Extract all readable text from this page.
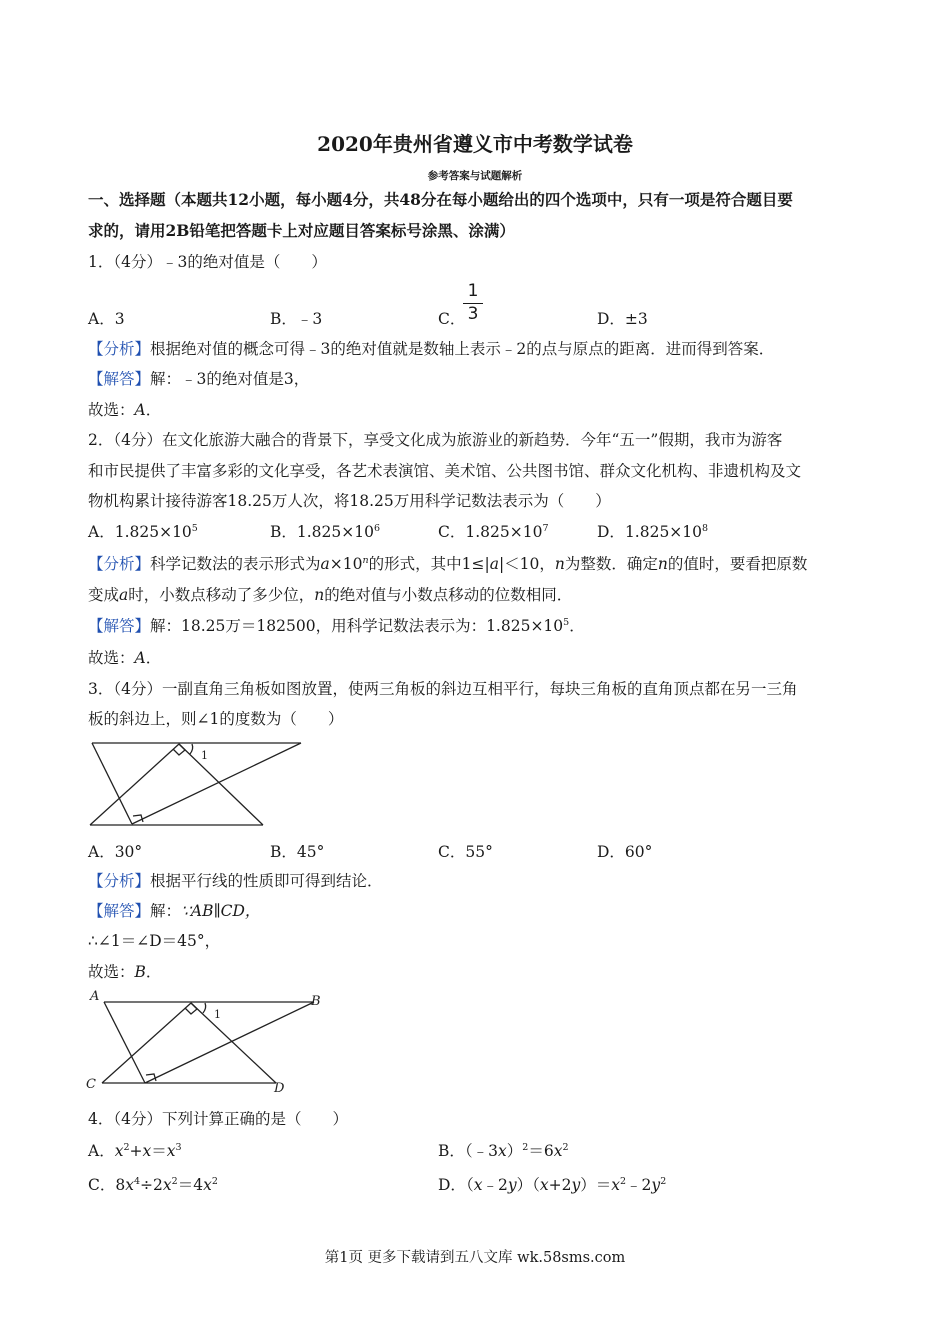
2020年贵州省遵义市中考数学试卷
参考答案与试题解析
一、选择题（本题共12小题，每小题4分，共48分在每小题给出的四个选项中，只有一项是符合题目要
求的，请用2B铅笔把答题卡上对应题目答案标号涂黑、涂满）
1．（4分）﹣3的绝对值是（　　）
A．3	B．﹣3	C．
1
3	D．±3
【分析】根据绝对值的概念可得﹣3的绝对值就是数轴上表示﹣2的点与原点的距离．进而得到答案．
【解答】解：﹣3的绝对值是3，
故选：A．
2．（4分）在文化旅游大融合的背景下，享受文化成为旅游业的新趋势．今年“五一”假期，我市为游客
和市民提供了丰富多彩的文化享受，各艺术表演馆、美术馆、公共图书馆、群众文化机构、非遗机构及文
物机构累计接待游客18.25万人次，将18.25万用科学记数法表示为（　　）
A．$1.825\times 10^5$	B．$1.825\times 10^6$	C．$1.825\times 10^7$	D．$1.825\times 10^8$
【分析】科学记数法的表示形式为$a\times 10^n$的形式，其中1≤|a|＜10，n为整数．确定n的值时，要看把原数
变成a时，小数点移动了多少位，n的绝对值与小数点移动的位数相同．
【解答】解：18.25万＝182500，用科学记数法表示为：$1.825\times 10^5$．
故选：A．
3．（4分）一副直角三角板如图放置，使两三角板的斜边互相平行，每块三角板的直角顶点都在另一三角
板的斜边上，则∠1的度数为（　　）
1
A．30°	B．45°	C．55°	D．60°
【分析】根据平行线的性质即可得到结论．
【解答】解：∵AB∥CD，
∴∠1＝∠D＝45°，
故选：B．
A	B
C	D
1
4．（4分）下列计算正确的是（　　）
A．$x^2+x=x^3$	B．$(﹣3x)^2=6x^2$
C．$8x^4\div 2x^2=4x^2$	D．$(x﹣2y)(x+2y)=x^2﹣2y^2$
第1页 更多下载请到五八文库 wk.58sms.com
